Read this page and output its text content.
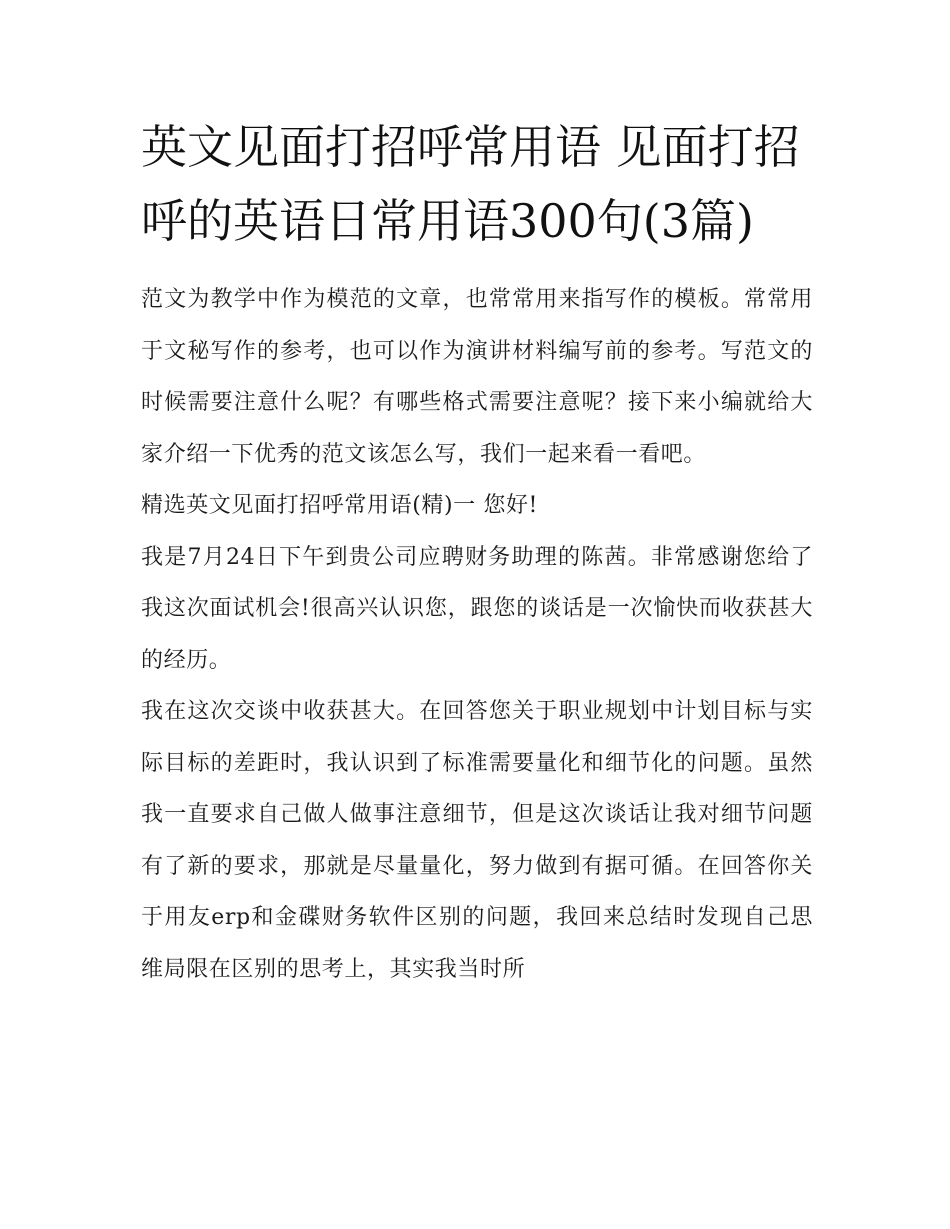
英文见面打招呼常用语 见面打招呼的英语日常用语300句(3篇)

范文为教学中作为模范的文章，也常常用来指写作的模板。常常用于文秘写作的参考，也可以作为演讲材料编写前的参考。写范文的时候需要注意什么呢？有哪些格式需要注意呢？接下来小编就给大家介绍一下优秀的范文该怎么写，我们一起来看一看吧。

精选英文见面打招呼常用语(精)一 您好!

我是7月24日下午到贵公司应聘财务助理的陈茜。非常感谢您给了我这次面试机会!很高兴认识您，跟您的谈话是一次愉快而收获甚大的经历。

我在这次交谈中收获甚大。在回答您关于职业规划中计划目标与实际目标的差距时，我认识到了标准需要量化和细节化的问题。虽然我一直要求自己做人做事注意细节，但是这次谈话让我对细节问题有了新的要求，那就是尽量量化，努力做到有据可循。在回答你关于用友erp和金碟财务软件区别的问题，我回来总结时发现自己思维局限在区别的思考上，其实我当时所
